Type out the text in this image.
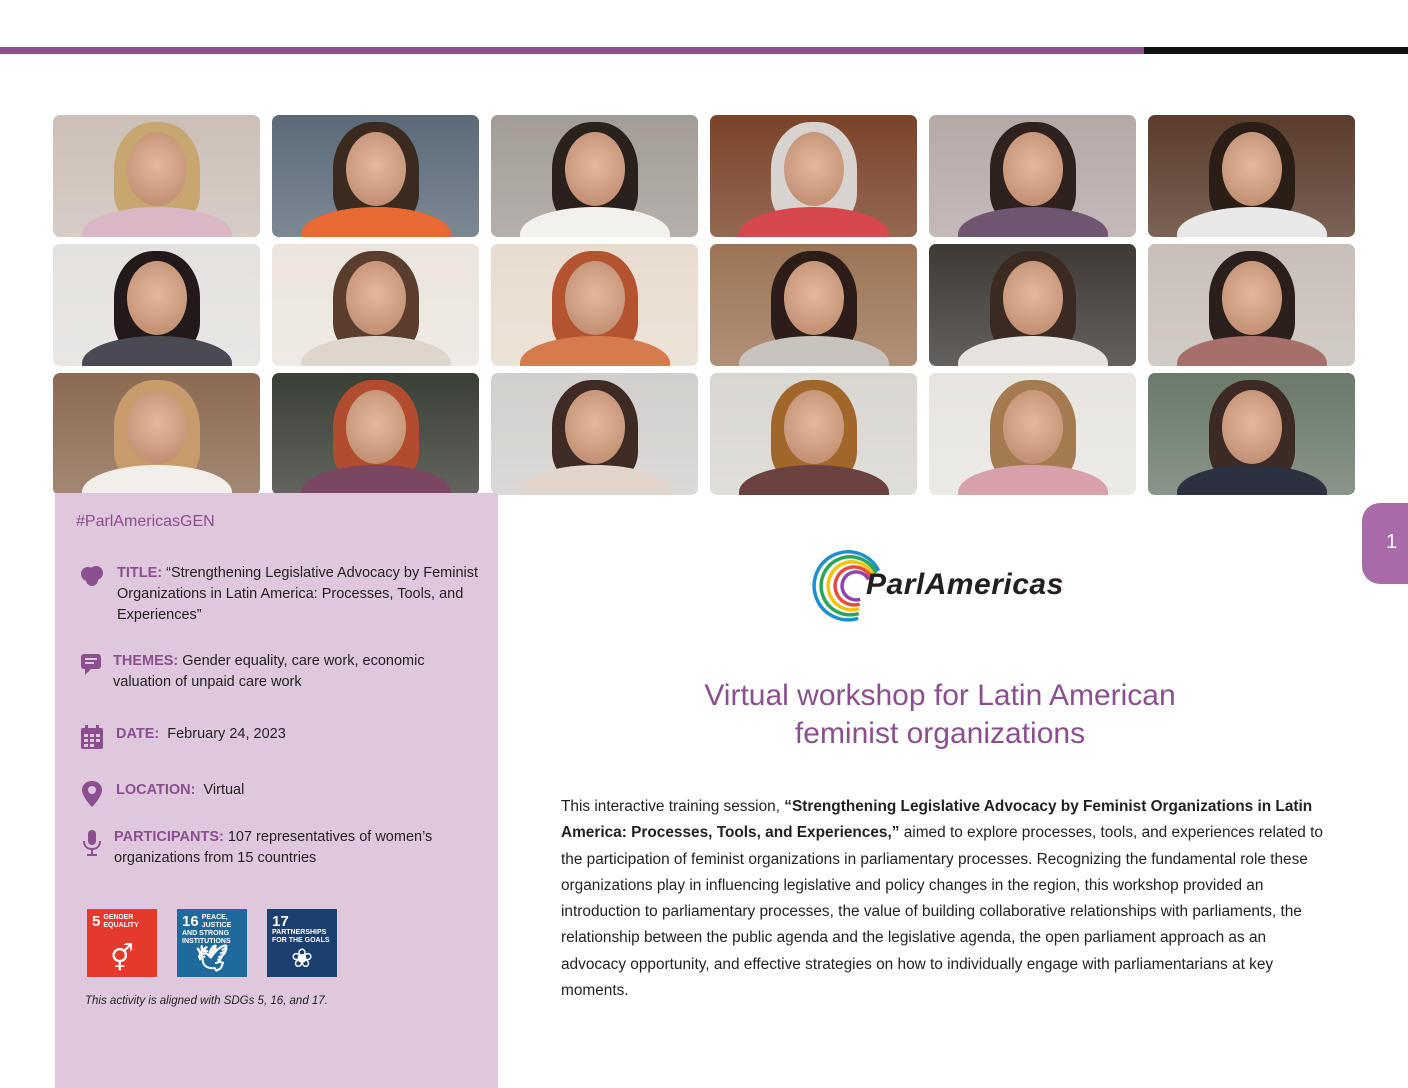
#ParlAmericasGEN
TITLE: “Strengthening Legislative Advocacy by Feminist Organizations in Latin America: Processes, Tools, and Experiences”
THEMES: Gender equality, care work, economic valuation of unpaid care work
DATE: February 24, 2023
LOCATION: Virtual
PARTICIPANTS: 107 representatives of women’s organizations from 15 countries
5 GENDER EQUALITY
⚥
16 PEACE, JUSTICE AND STRONG INSTITUTIONS
🕊
17
PARTNERSHIPS FOR THE GOALS
❀
This activity is aligned with SDGs 5, 16, and 17.
ParlAmericas
Virtual workshop for Latin American
feminist organizations

This interactive training session, “Strengthening Legislative Advocacy by Feminist Organizations in Latin America: Processes, Tools, and Experiences,” aimed to explore processes, tools, and experiences related to the participation of feminist organizations in parliamentary processes. Recognizing the fundamental role these organizations play in influencing legislative and policy changes in the region, this workshop provided an introduction to parliamentary processes, the value of building collaborative relationships with parliaments, the relationship between the public agenda and the legislative agenda, the open parliament approach as an advocacy opportunity, and effective strategies on how to individually engage with parliamentarians at key moments.

1
